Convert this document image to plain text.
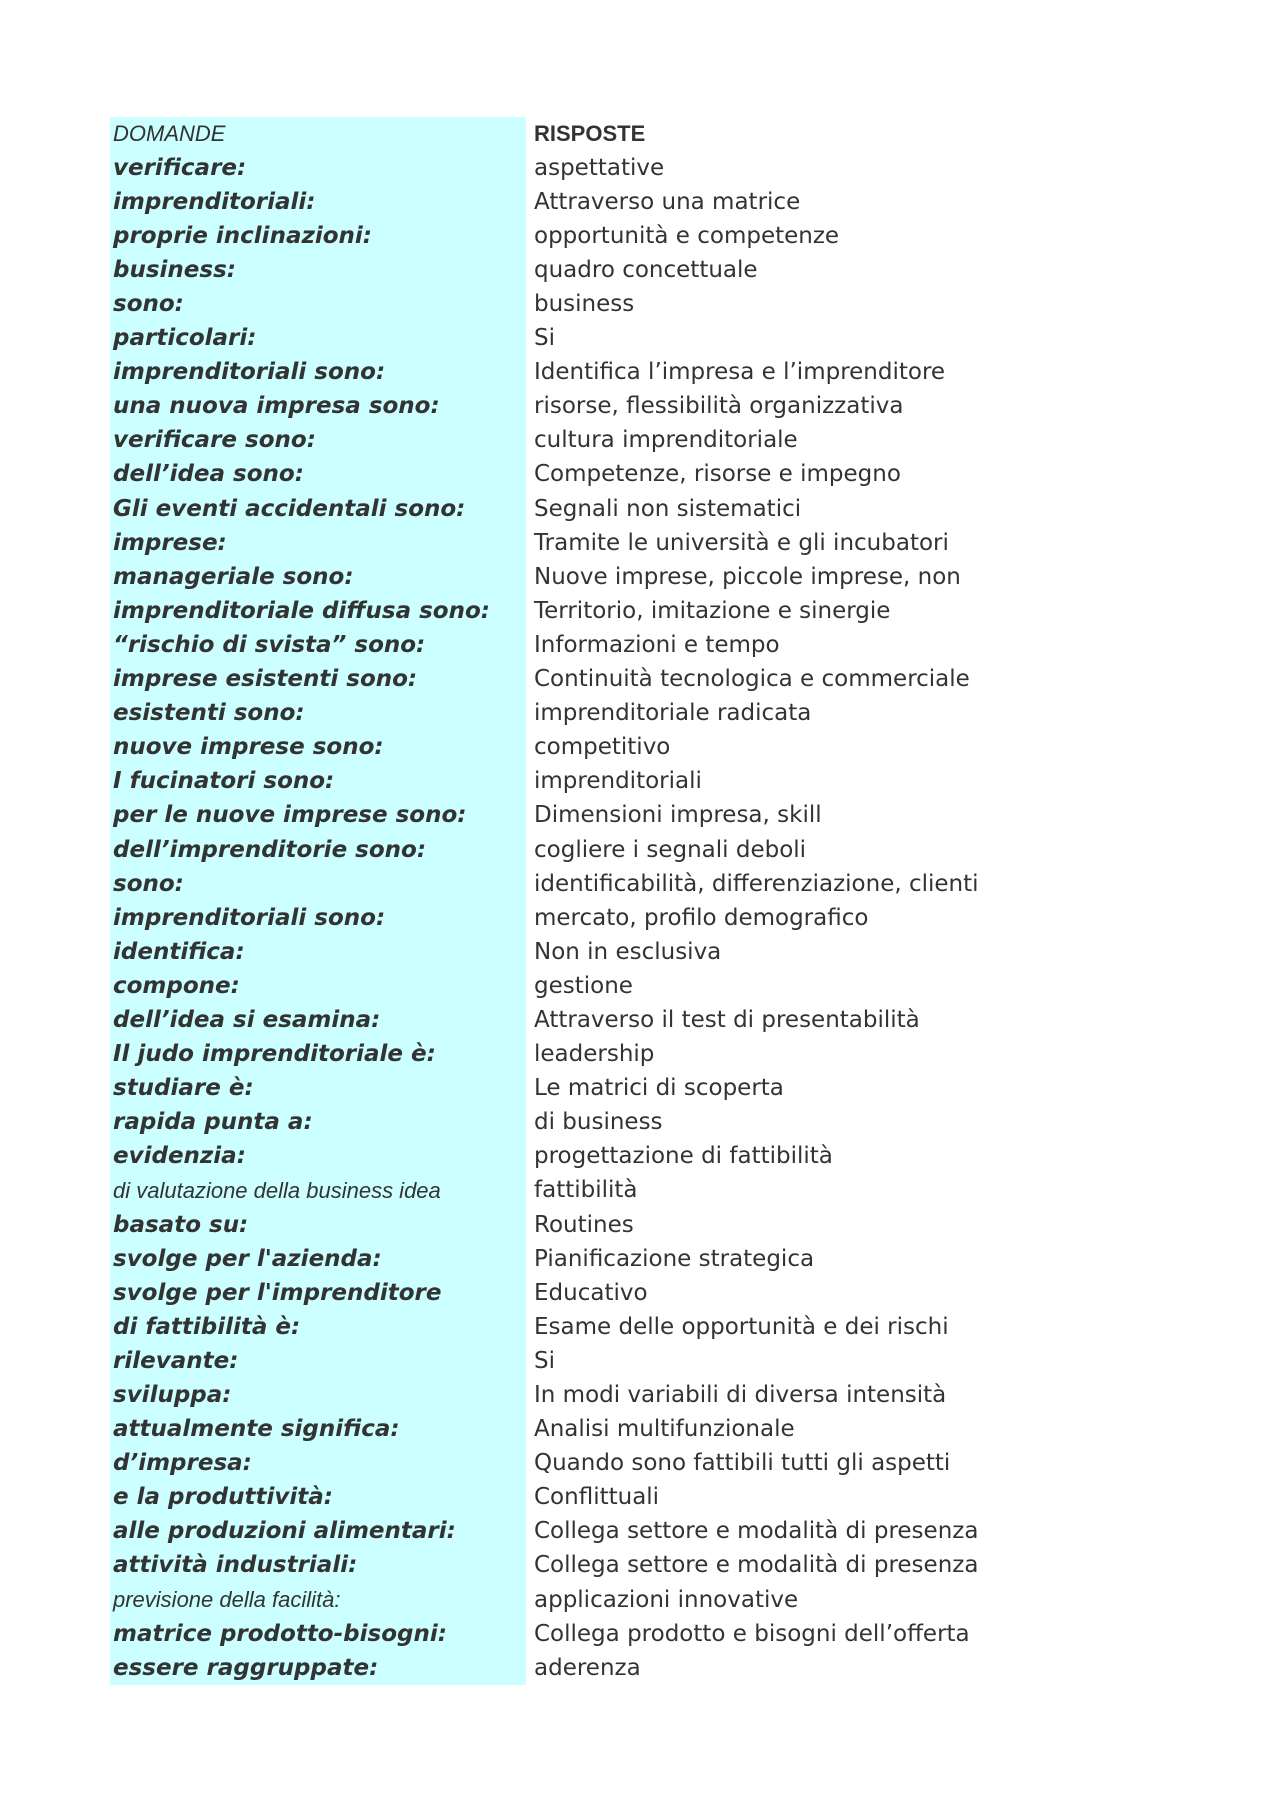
DOMANDE	RISPOSTE
verificare:	aspettative
imprenditoriali:	Attraverso una matrice
proprie inclinazioni:	opportunità e competenze
business:	quadro concettuale
sono:	business
particolari:	Si
imprenditoriali sono:	Identifica l’impresa e l’imprenditore
una nuova impresa sono:	risorse, flessibilità organizzativa
verificare sono:	cultura imprenditoriale
dell’idea sono:	Competenze, risorse e impegno
Gli eventi accidentali sono:	Segnali non sistematici
imprese:	Tramite le università e gli incubatori
manageriale sono:	Nuove imprese, piccole imprese, non
imprenditoriale diffusa sono:	Territorio, imitazione e sinergie
“rischio di svista” sono:	Informazioni e tempo
imprese esistenti sono:	Continuità tecnologica e commerciale
esistenti sono:	imprenditoriale radicata
nuove imprese sono:	competitivo
I fucinatori sono:	imprenditoriali
per le nuove imprese sono:	Dimensioni impresa, skill
dell’imprenditorie sono:	cogliere i segnali deboli
sono:	identificabilità, differenziazione, clienti
imprenditoriali sono:	mercato, profilo demografico
identifica:	Non in esclusiva
compone:	gestione
dell’idea si esamina:	Attraverso il test di presentabilità
Il judo imprenditoriale è:	leadership
studiare è:	Le matrici di scoperta
rapida punta a:	di business
evidenzia:	progettazione di fattibilità
di valutazione della business idea	fattibilità
basato su:	Routines
svolge per l'azienda:	Pianificazione strategica
svolge per l'imprenditore	Educativo
di fattibilità è:	Esame delle opportunità e dei rischi
rilevante:	Si
sviluppa:	In modi variabili di diversa intensità
attualmente significa:	Analisi multifunzionale
d’impresa:	Quando sono fattibili tutti gli aspetti
e la produttività:	Conflittuali
alle produzioni alimentari:	Collega settore e modalità di presenza
attività industriali:	Collega settore e modalità di presenza
previsione della facilità:	applicazioni innovative
matrice prodotto-bisogni:	Collega prodotto e bisogni dell’offerta
essere raggruppate:	aderenza
